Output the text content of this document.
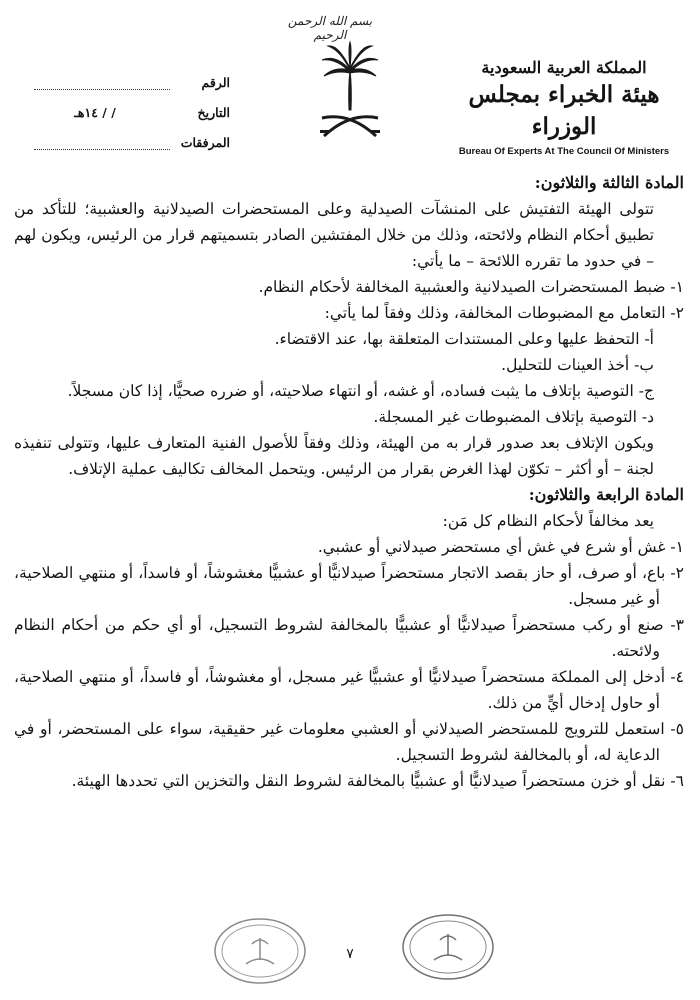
بسم الله الرحمن الرحيم
الرقم
التاريخ
/ / ١٤هـ
المرفقات
المملكة العربية السعودية
هيئة الخبراء بمجلس الوزراء
Bureau Of Experts At The Council Of Ministers

المادة الثالثة والثلاثون:

تتولى الهيئة التفتيش على المنشآت الصيدلية وعلى المستحضرات الصيدلانية والعشبية؛ للتأكد من تطبيق أحكام النظام ولائحته، وذلك من خلال المفتشين الصادر بتسميتهم قرار من الرئيس، ويكون لهم – في حدود ما تقرره اللائحة – ما يأتي:

١- ضبط المستحضرات الصيدلانية والعشبية المخالفة لأحكام النظام.

٢- التعامل مع المضبوطات المخالفة، وذلك وفقاً لما يأتي:

أ- التحفظ عليها وعلى المستندات المتعلقة بها، عند الاقتضاء.

ب- أخذ العينات للتحليل.

ج- التوصية بإتلاف ما يثبت فساده، أو غشه، أو انتهاء صلاحيته، أو ضرره صحيًّا، إذا كان مسجلاً.

د- التوصية بإتلاف المضبوطات غير المسجلة.

ويكون الإتلاف بعد صدور قرار به من الهيئة، وذلك وفقاً للأصول الفنية المتعارف عليها، وتتولى تنفيذه لجنة – أو أكثر – تكوّن لهذا الغرض بقرار من الرئيس. ويتحمل المخالف تكاليف عملية الإتلاف.

المادة الرابعة والثلاثون:

يعد مخالفاً لأحكام النظام كل مَن:

١- غش أو شرع في غش أي مستحضر صيدلاني أو عشبي.

٢- باع، أو صرف، أو حاز بقصد الاتجار مستحضراً صيدلانيًّا أو عشبيًّا مغشوشاً، أو فاسداً، أو منتهي الصلاحية، أو غير مسجل.

٣- صنع أو ركب مستحضراً صيدلانيًّا أو عشبيًّا بالمخالفة لشروط التسجيل، أو أي حكم من أحكام النظام ولائحته.

٤- أدخل إلى المملكة مستحضراً صيدلانيًّا أو عشبيًّا غير مسجل، أو مغشوشاً، أو فاسداً، أو منتهي الصلاحية، أو حاول إدخال أيٍّ من ذلك.

٥- استعمل للترويج للمستحضر الصيدلاني أو العشبي معلومات غير حقيقية، سواء على المستحضر، أو في الدعاية له، أو بالمخالفة لشروط التسجيل.

٦- نقل أو خزن مستحضراً صيدلانيًّا أو عشبيًّا بالمخالفة لشروط النقل والتخزين التي تحددها الهيئة.

٧
